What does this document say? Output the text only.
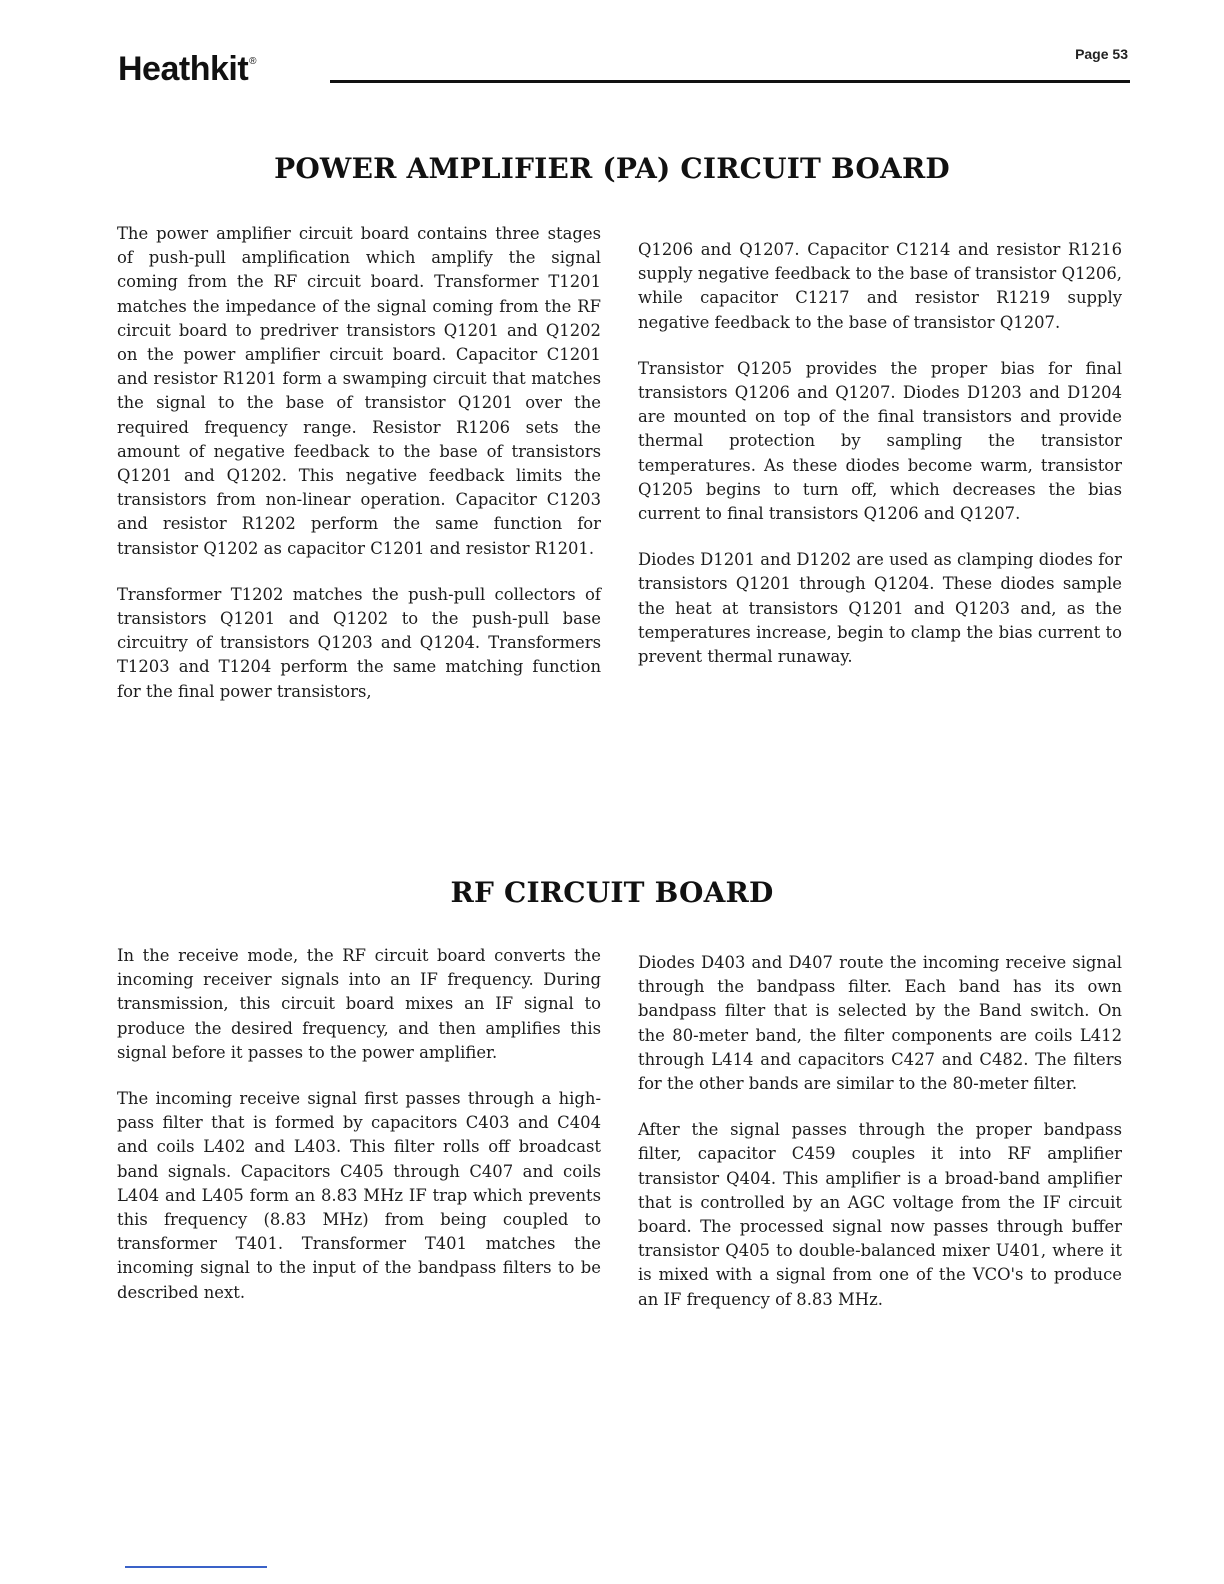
Page 53
Heathkit®
POWER AMPLIFIER (PA) CIRCUIT BOARD

The power amplifier circuit board contains three stages of push-pull amplification which amplify the signal coming from the RF circuit board. Transformer T1201 matches the impedance of the signal coming from the RF circuit board to predriver transistors Q1201 and Q1202 on the power amplifier circuit board. Capacitor C1201 and resistor R1201 form a swamping circuit that matches the signal to the base of transistor Q1201 over the required frequency range. Resistor R1206 sets the amount of negative feedback to the base of transistors Q1201 and Q1202. This negative feedback limits the transistors from non-linear operation. Capacitor C1203 and resistor R1202 perform the same function for transistor Q1202 as capacitor C1201 and resistor R1201.

Transformer T1202 matches the push-pull collectors of transistors Q1201 and Q1202 to the push-pull base circuitry of transistors Q1203 and Q1204. Transformers T1203 and T1204 perform the same matching function for the final power transistors,

Q1206 and Q1207. Capacitor C1214 and resistor R1216 supply negative feedback to the base of transistor Q1206, while capacitor C1217 and resistor R1219 supply negative feedback to the base of transistor Q1207.

Transistor Q1205 provides the proper bias for final transistors Q1206 and Q1207. Diodes D1203 and D1204 are mounted on top of the final transistors and provide thermal protection by sampling the transistor temperatures. As these diodes become warm, transistor Q1205 begins to turn off, which decreases the bias current to final transistors Q1206 and Q1207.

Diodes D1201 and D1202 are used as clamping diodes for transistors Q1201 through Q1204. These diodes sample the heat at transistors Q1201 and Q1203 and, as the temperatures increase, begin to clamp the bias current to prevent thermal runaway.

RF CIRCUIT BOARD

In the receive mode, the RF circuit board converts the incoming receiver signals into an IF frequency. During transmission, this circuit board mixes an IF signal to produce the desired frequency, and then amplifies this signal before it passes to the power amplifier.

The incoming receive signal first passes through a high-pass filter that is formed by capacitors C403 and C404 and coils L402 and L403. This filter rolls off broadcast band signals. Capacitors C405 through C407 and coils L404 and L405 form an 8.83 MHz IF trap which prevents this frequency (8.83 MHz) from being coupled to transformer T401. Transformer T401 matches the incoming signal to the input of the bandpass filters to be described next.

Diodes D403 and D407 route the incoming receive signal through the bandpass filter. Each band has its own bandpass filter that is selected by the Band switch. On the 80-meter band, the filter components are coils L412 through L414 and capacitors C427 and C482. The filters for the other bands are similar to the 80-meter filter.

After the signal passes through the proper bandpass filter, capacitor C459 couples it into RF amplifier transistor Q404. This amplifier is a broad-band amplifier that is controlled by an AGC voltage from the IF circuit board. The processed signal now passes through buffer transistor Q405 to double-balanced mixer U401, where it is mixed with a signal from one of the VCO's to produce an IF frequency of 8.83 MHz.
